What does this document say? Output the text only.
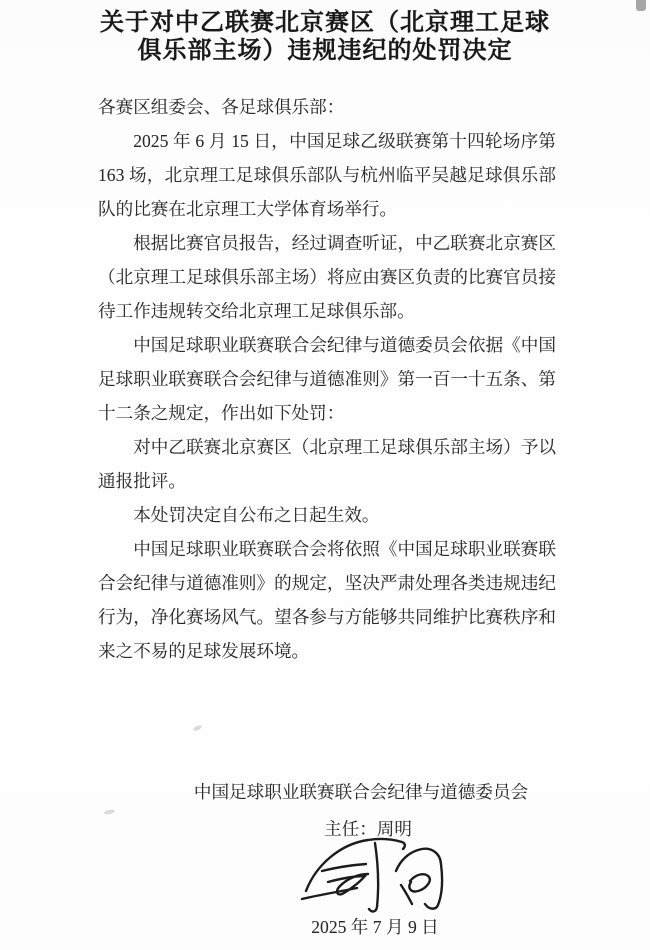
关于对中乙联赛北京赛区（北京理工足球
俱乐部主场）违规违纪的处罚决定

各赛区组委会、各足球俱乐部：

2025 年 6 月 15 日，中国足球乙级联赛第十四轮场序第 163 场，北京理工足球俱乐部队与杭州临平吴越足球俱乐部队的比赛在北京理工大学体育场举行。

根据比赛官员报告，经过调查听证，中乙联赛北京赛区（北京理工足球俱乐部主场）将应由赛区负责的比赛官员接待工作违规转交给北京理工足球俱乐部。

中国足球职业联赛联合会纪律与道德委员会依据《中国足球职业联赛联合会纪律与道德准则》第一百一十五条、第十二条之规定，作出如下处罚：

对中乙联赛北京赛区（北京理工足球俱乐部主场）予以通报批评。

本处罚决定自公布之日起生效。

中国足球职业联赛联合会将依照《中国足球职业联赛联合会纪律与道德准则》的规定，坚决严肃处理各类违规违纪行为，净化赛场风气。望各参与方能够共同维护比赛秩序和来之不易的足球发展环境。

中国足球职业联赛联合会纪律与道德委员会
主任：周明
2025 年 7 月 9 日
